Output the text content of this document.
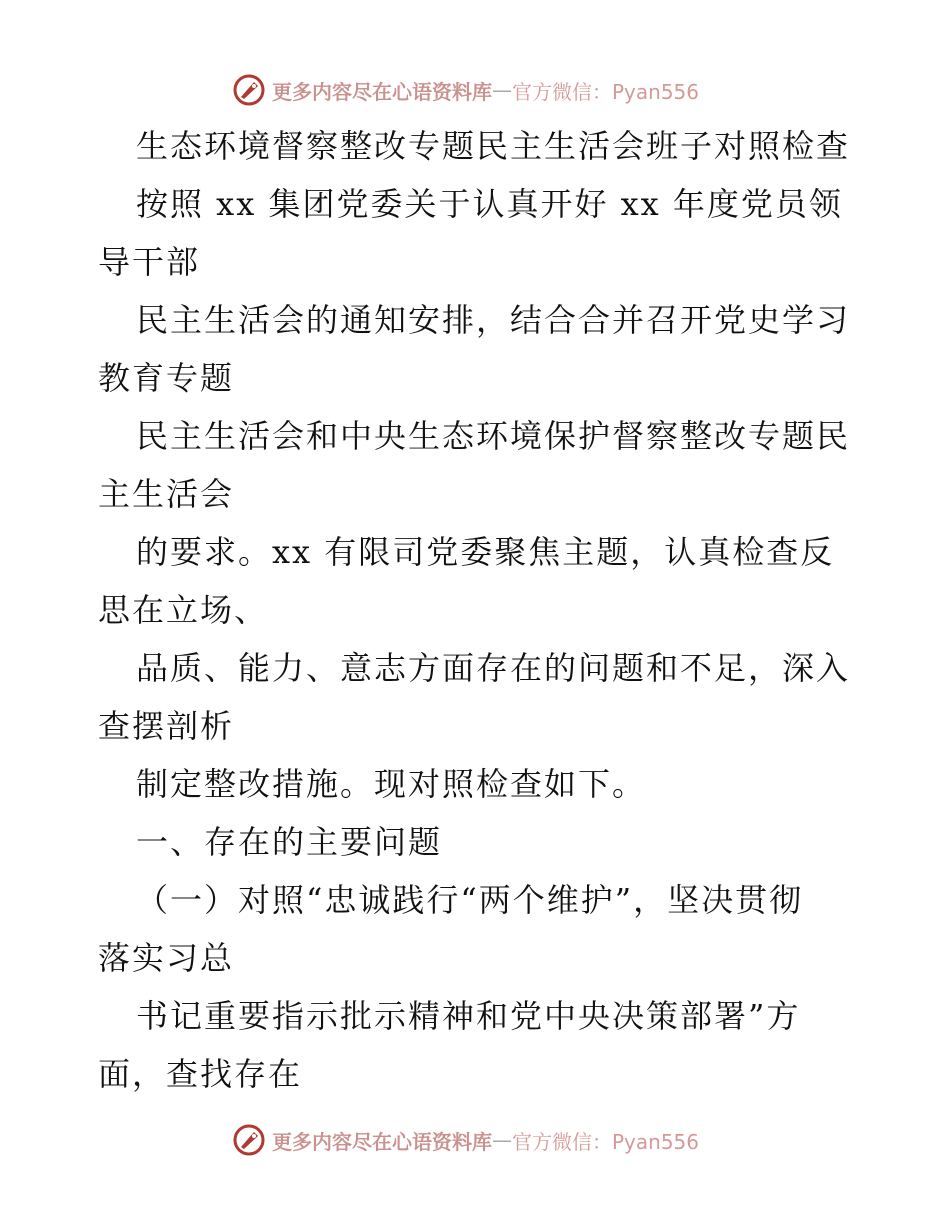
更多内容尽在心语资料库 — 官方微信：Pyan556
生态环境督察整改专题民主生活会班子对照检查
按照 xx 集团党委关于认真开好 xx 年度党员领
导干部
民主生活会的通知安排，结合合并召开党史学习
教育专题
民主生活会和中央生态环境保护督察整改专题民
主生活会
的要求。xx 有限司党委聚焦主题，认真检查反
思在立场、
品质、能力、意志方面存在的问题和不足，深入
查摆剖析
制定整改措施。现对照检查如下。
一、存在的主要问题
（一）对照“忠诚践行“两个维护”，坚决贯彻
落实习总
书记重要指示批示精神和党中央决策部署”方
面，查找存在
更多内容尽在心语资料库 — 官方微信：Pyan556
